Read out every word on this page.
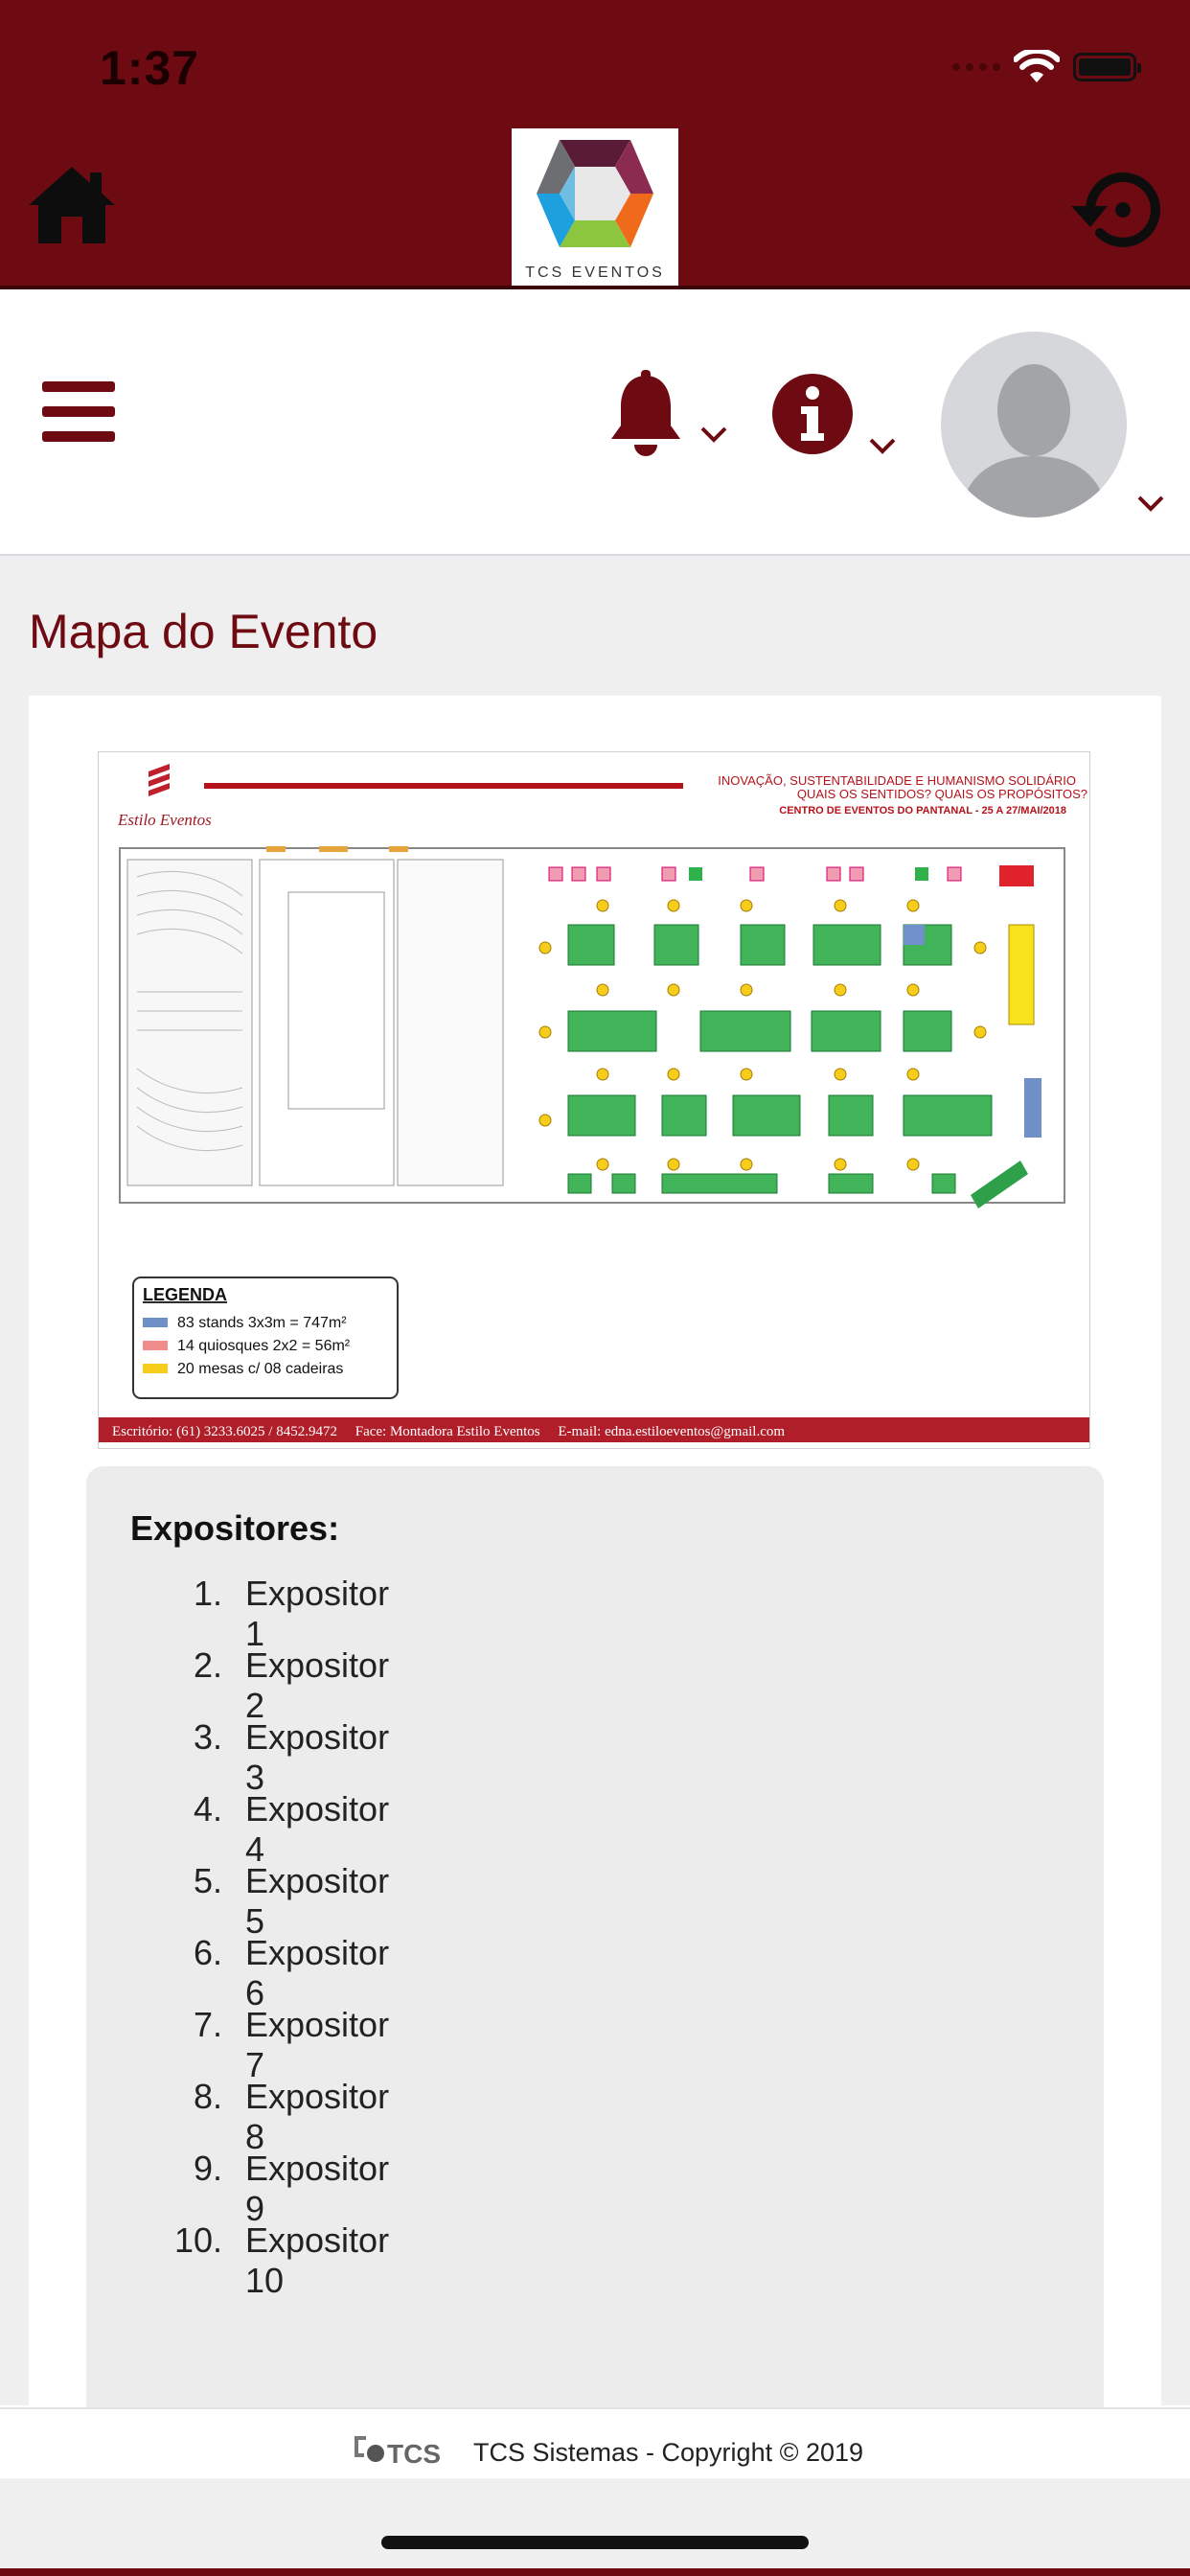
1:37
TCS EVENTOS
Mapa do Evento
Estilo Eventos
INOVAÇÃO, SUSTENTABILIDADE E HUMANISMO SOLIDÁRIO
QUAIS OS SENTIDOS? QUAIS OS PROPÓSITOS?
CENTRO DE EVENTOS DO PANTANAL - 25 A 27/MAI/2018
LEGENDA
83 stands 3x3m = 747m²
14 quiosques 2x2 = 56m²
20 mesas c/ 08 cadeiras
Escritório: (61) 3233.6025 / 8452.9472     Face: Montadora Estilo Eventos     E-mail: edna.estiloeventos@gmail.com
Expositores:
1. Expositor 1
2. Expositor 2
3. Expositor 3
4. Expositor 4
5. Expositor 5
6. Expositor 6
7. Expositor 7
8. Expositor 8
9. Expositor 9
10. Expositor 10
TCS TCS Sistemas - Copyright © 2019
